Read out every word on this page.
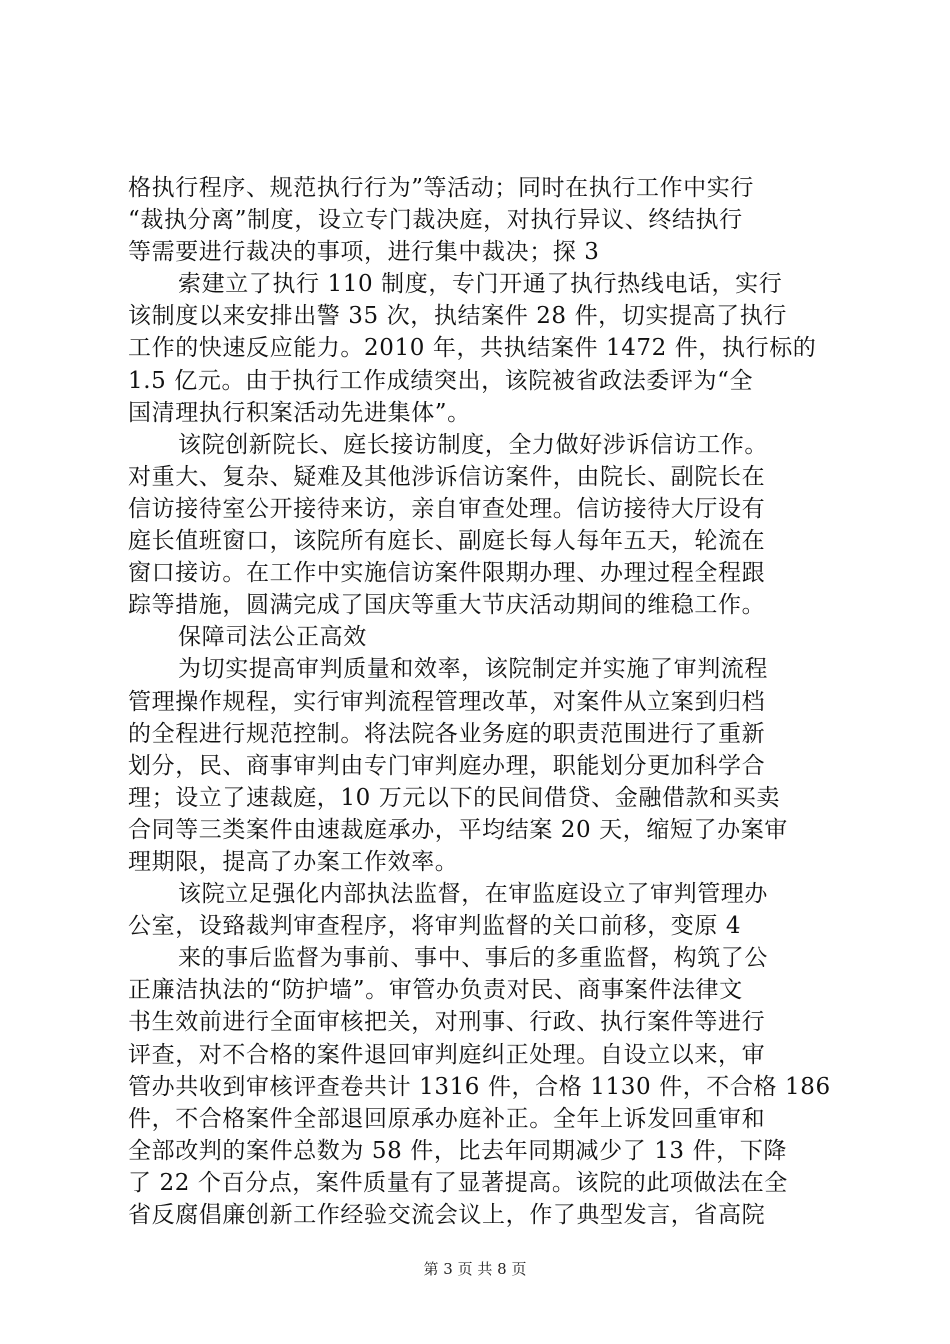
格执行程序、规范执行行为”等活动；同时在执行工作中实行
“裁执分离”制度，设立专门裁决庭，对执行异议、终结执行
等需要进行裁决的事项，进行集中裁决；探 3
索建立了执行 110 制度，专门开通了执行热线电话，实行
该制度以来安排出警 35 次，执结案件 28 件，切实提高了执行
工作的快速反应能力。2010 年，共执结案件 1472 件，执行标的
1.5 亿元。由于执行工作成绩突出，该院被省政法委评为“全
国清理执行积案活动先进集体”。
该院创新院长、庭长接访制度，全力做好涉诉信访工作。
对重大、复杂、疑难及其他涉诉信访案件，由院长、副院长在
信访接待室公开接待来访，亲自审查处理。信访接待大厅设有
庭长值班窗口，该院所有庭长、副庭长每人每年五天，轮流在
窗口接访。在工作中实施信访案件限期办理、办理过程全程跟
踪等措施，圆满完成了国庆等重大节庆活动期间的维稳工作。
保障司法公正高效
为切实提高审判质量和效率，该院制定并实施了审判流程
管理操作规程，实行审判流程管理改革，对案件从立案到归档
的全程进行规范控制。将法院各业务庭的职责范围进行了重新
划分，民、商事审判由专门审判庭办理，职能划分更加科学合
理；设立了速裁庭，10 万元以下的民间借贷、金融借款和买卖
合同等三类案件由速裁庭承办，平均结案 20 天，缩短了办案审
理期限，提高了办案工作效率。
该院立足强化内部执法监督，在审监庭设立了审判管理办
公室，设臵裁判审查程序，将审判监督的关口前移，变原 4
来的事后监督为事前、事中、事后的多重监督，构筑了公
正廉洁执法的“防护墙”。审管办负责对民、商事案件法律文
书生效前进行全面审核把关，对刑事、行政、执行案件等进行
评查，对不合格的案件退回审判庭纠正处理。自设立以来，审
管办共收到审核评查卷共计 1316 件，合格 1130 件，不合格 186
件，不合格案件全部退回原承办庭补正。全年上诉发回重审和
全部改判的案件总数为 58 件，比去年同期减少了 13 件，下降
了 22 个百分点，案件质量有了显著提高。该院的此项做法在全
省反腐倡廉创新工作经验交流会议上，作了典型发言，省高院
第 3 页 共 8 页
